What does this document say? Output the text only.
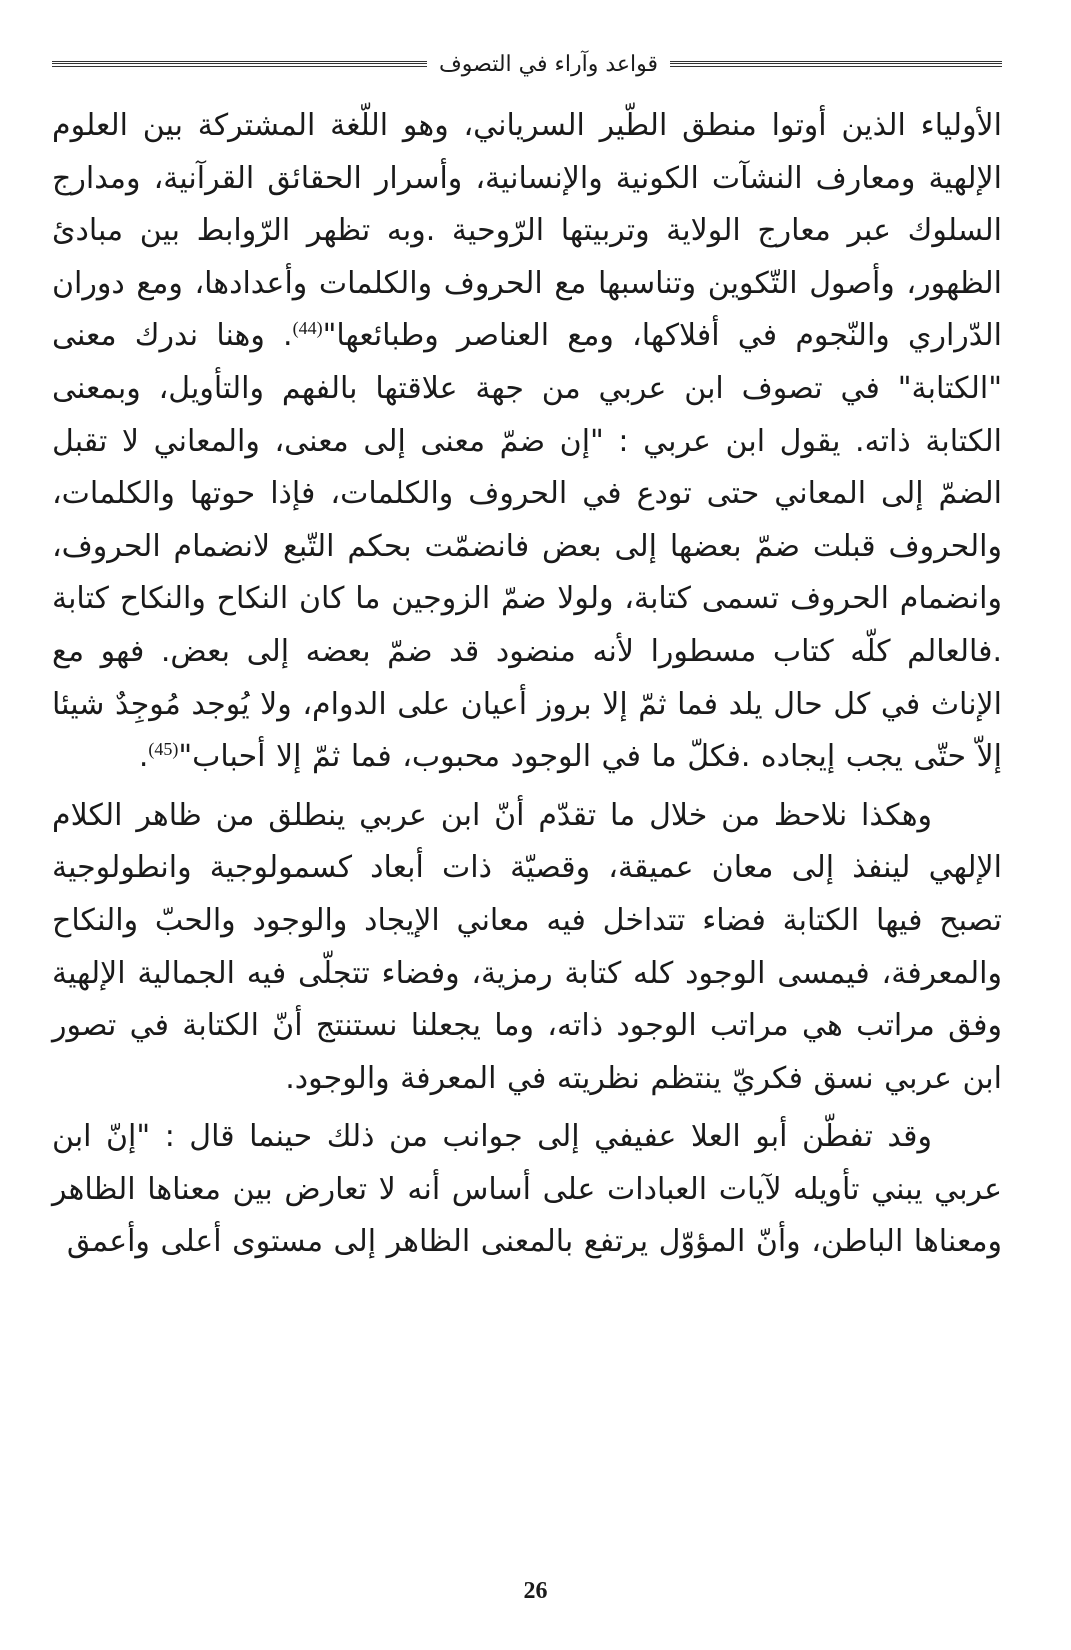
قواعد وآراء في التصوف

الأولياء الذين أوتوا منطق الطّير السرياني، وهو اللّغة المشتركة بين العلوم الإلهية ومعارف النشآت الكونية والإنسانية، وأسرار الحقائق القرآنية، ومدارج السلوك عبر معارج الولاية وتربيتها الرّوحية .وبه تظهر الرّوابط بين مبادئ الظهور، وأصول التّكوين وتناسبها مع الحروف والكلمات وأعدادها، ومع دوران الدّراري والنّجوم في أفلاكها، ومع العناصر وطبائعها"$^{(44)}$. وهنا ندرك معنى "الكتابة" في تصوف ابن عربي من جهة علاقتها بالفهم والتأويل، وبمعنى الكتابة ذاته. يقول ابن عربي : "إن ضمّ معنى إلى معنى، والمعاني لا تقبل الضمّ إلى المعاني حتى تودع في الحروف والكلمات، فإذا حوتها والكلمات، والحروف قبلت ضمّ بعضها إلى بعض فانضمّت بحكم التّبع لانضمام الحروف، وانضمام الحروف تسمى كتابة، ولولا ضمّ الزوجين ما كان النكاح والنكاح كتابة .فالعالم كلّه كتاب مسطورا لأنه منضود قد ضمّ بعضه إلى بعض. فهو مع الإناث في كل حال يلد فما ثمّ إلا بروز أعيان على الدوام، ولا يُوجد مُوجِدٌ شيئا إلاّ حتّى يجب إيجاده .فكلّ ما في الوجود محبوب، فما ثمّ إلا أحباب"$^{(45)}$.

وهكذا نلاحظ من خلال ما تقدّم أنّ ابن عربي ينطلق من ظاهر الكلام الإلهي لينفذ إلى معان عميقة، وقصيّة ذات أبعاد كسمولوجية وانطولوجية تصبح فيها الكتابة فضاء تتداخل فيه معاني الإيجاد والوجود والحبّ والنكاح والمعرفة، فيمسى الوجود كله كتابة رمزية، وفضاء تتجلّى فيه الجمالية الإلهية وفق مراتب هي مراتب الوجود ذاته، وما يجعلنا نستنتج أنّ الكتابة في تصور ابن عربي نسق فكريّ ينتظم نظريته في المعرفة والوجود.

وقد تفطّن أبو العلا عفيفي إلى جوانب من ذلك حينما قال : "إنّ ابن عربي يبني تأويله لآيات العبادات على أساس أنه لا تعارض بين معناها الظاهر ومعناها الباطن، وأنّ المؤوّل يرتفع بالمعنى الظاهر إلى مستوى أعلى وأعمق

26
